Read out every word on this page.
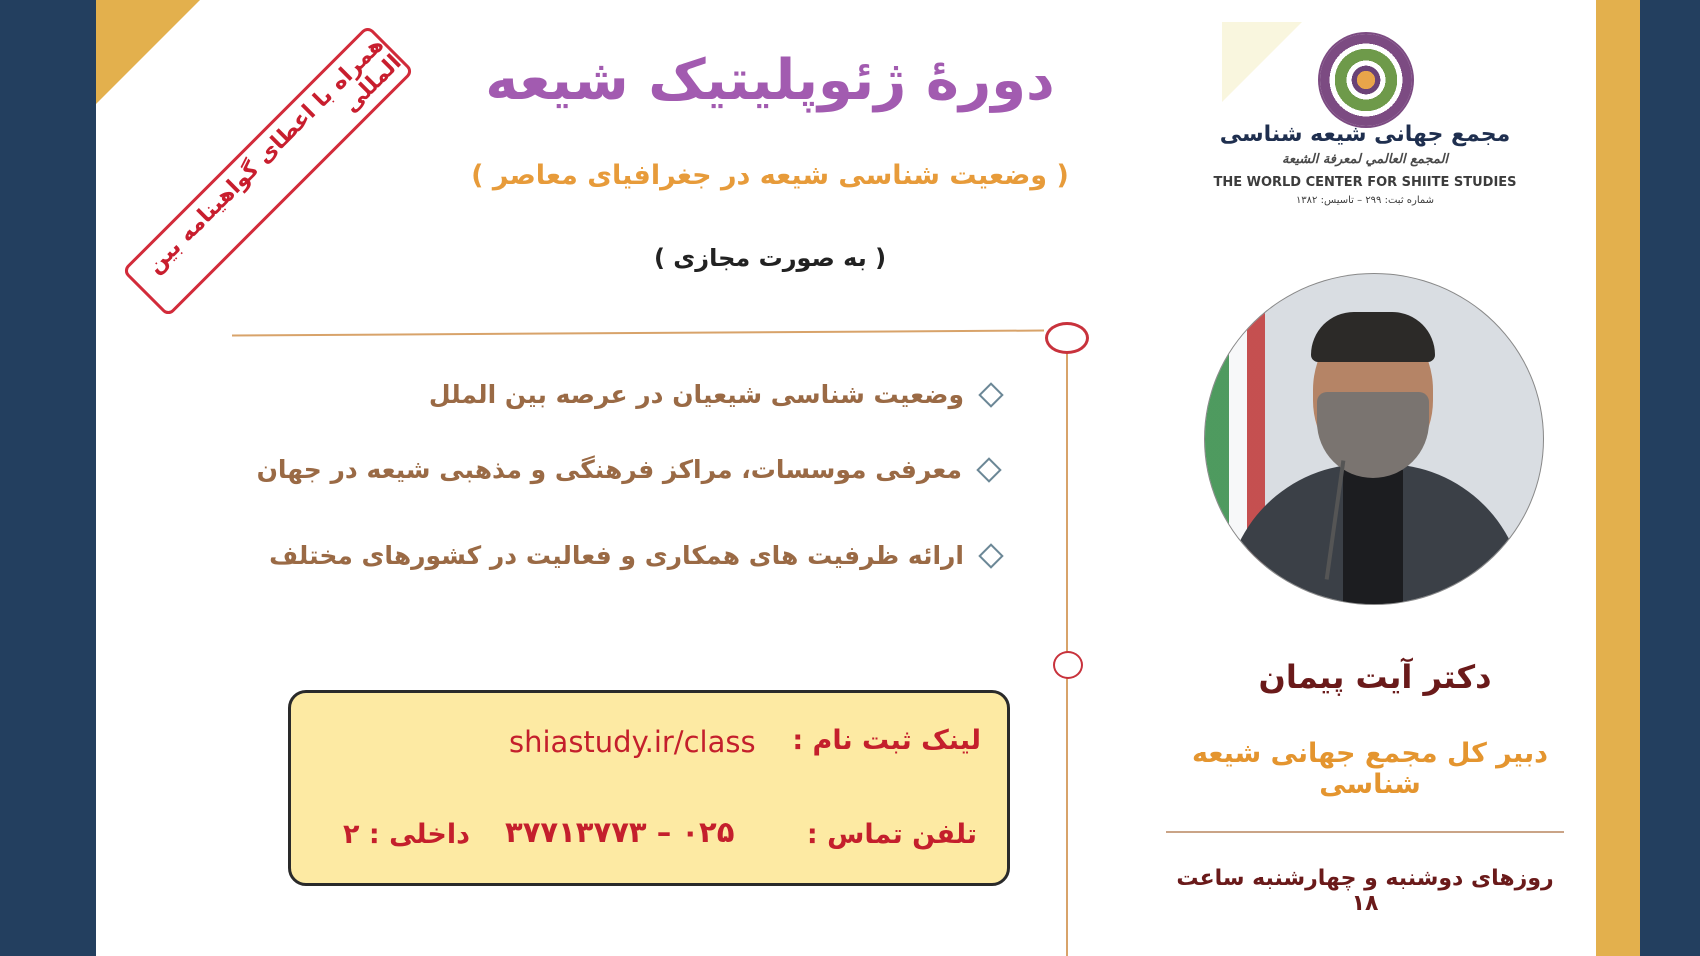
همراه با اعطای گواهینامه بین المللی دورۀ ژئوپلیتیک شیعه
( وضعیت شناسی شیعه در جغرافیای معاصر )
( به صورت مجازی )
وضعیت شناسی شیعیان در عرصه بین الملل
معرفی موسسات، مراکز فرهنگی و مذهبی شیعه در جهان
ارائه ظرفیت های همکاری و فعالیت در کشورهای مختلف
لینک ثبت نام :
shiastudy.ir/class
تلفن تماس :
۰۲۵ – ۳۷۷۱۳۷۷۳
داخلی : ۲
مجمع جهانی شیعه شناسی
المجمع العالمي لمعرفة الشيعة
THE WORLD CENTER FOR SHIITE STUDIES
شماره ثبت: ۲۹۹ – تاسیس: ۱۳۸۲
دکتر آیت پیمان
دبیر کل مجمع جهانی شیعه شناسی
روزهای دوشنبه و چهارشنبه ساعت ۱۸
